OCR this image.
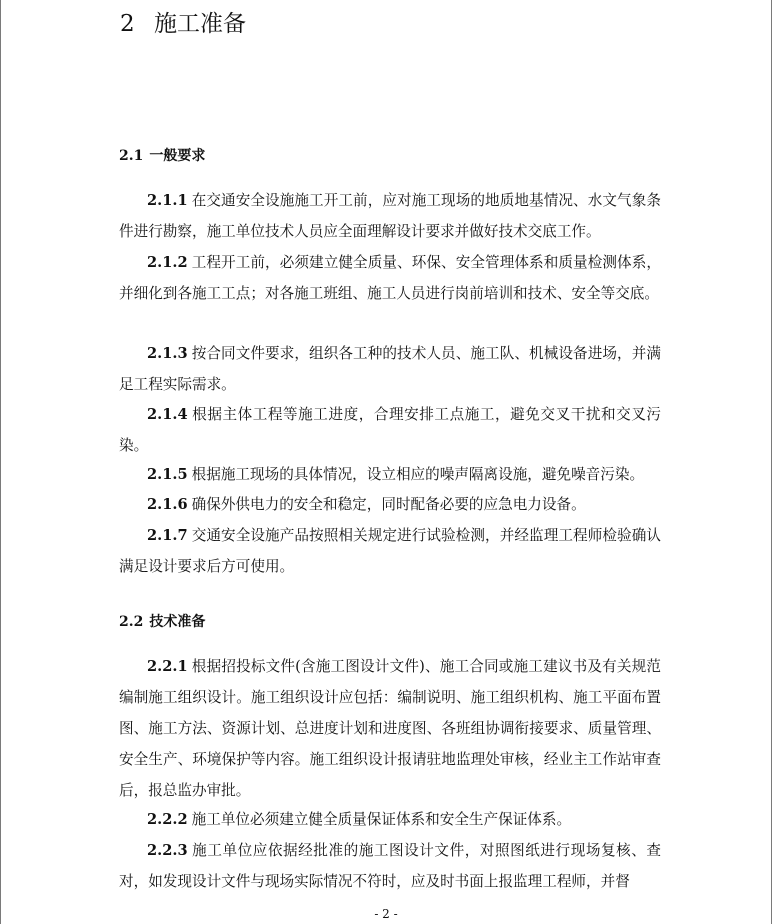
2 施工准备
2.1 一般要求

2.1.1 在交通安全设施施工开工前，应对施工现场的地质地基情况、水文气象条件进行勘察，施工单位技术人员应全面理解设计要求并做好技术交底工作。

2.1.2 工程开工前，必须建立健全质量、环保、安全管理体系和质量检测体系，并细化到各施工工点；对各施工班组、施工人员进行岗前培训和技术、安全等交底。

2.1.3 按合同文件要求，组织各工种的技术人员、施工队、机械设备进场，并满足工程实际需求。

2.1.4 根据主体工程等施工进度，合理安排工点施工，避免交叉干扰和交叉污染。

2.1.5 根据施工现场的具体情况，设立相应的噪声隔离设施，避免噪音污染。

2.1.6 确保外供电力的安全和稳定，同时配备必要的应急电力设备。

2.1.7 交通安全设施产品按照相关规定进行试验检测，并经监理工程师检验确认满足设计要求后方可使用。

2.2 技术准备

2.2.1 根据招投标文件(含施工图设计文件)、施工合同或施工建议书及有关规范编制施工组织设计。施工组织设计应包括：编制说明、施工组织机构、施工平面布置图、施工方法、资源计划、总进度计划和进度图、各班组协调衔接要求、质量管理、安全生产、环境保护等内容。施工组织设计报请驻地监理处审核，经业主工作站审查后，报总监办审批。

2.2.2 施工单位必须建立健全质量保证体系和安全生产保证体系。

2.2.3 施工单位应依据经批准的施工图设计文件，对照图纸进行现场复核、查对，如发现设计文件与现场实际情况不符时，应及时书面上报监理工程师，并督

- 2 -
